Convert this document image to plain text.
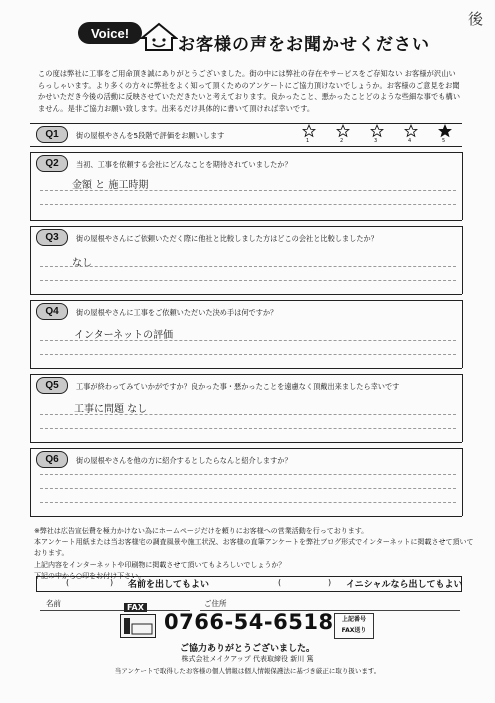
後
Voice!
お客様の声をお聞かせください
この度は弊社に工事をご用命頂き誠にありがとうございました。街の中には弊社の存在やサービスをご存知ない お客様が沢山いらっしゃいます。より多くの方々に弊社をよく知って頂くためのアンケートにご協力頂けないでしょうか。お客様のご意見をお聞かせいただき今後の活動に反映させていただきたいと考えております。良かったこと、悪かったことどのような些細な事でも構いません。是非ご協力お願い致します。出来るだけ具体的に書いて頂ければ幸いです。
Q1	街の屋根やさんを5段階で評価をお願いします
1	2	3	4	5
Q2	当初、工事を依頼する会社にどんなことを期待されていましたか？
金額 と 施工時期
Q3	街の屋根やさんにご依頼いただく際に他社と比較しました方はどこの会社と比較しましたか？
なし
Q4	街の屋根やさんに工事をご依頼いただいた決め手は何ですか？
インターネットの評価
Q5	工事が終わってみていかがですか？良かった事・悪かったことを遠慮なく頂戴出来ましたら幸いです
工事に問題 なし
Q6	街の屋根やさんを他の方に紹介するとしたらなんと紹介しますか？
※弊社は広告宣伝費を極力かけない為にホームページだけを頼りにお客様への営業活動を行っております。
本アンケート用紙または当お客様宅の調査風景や施工状況、お客様の直筆アンケートを弊社ブログ形式でインターネットに掲載させて頂いております。
上記内容をインターネットや印刷物に掲載させて頂いてもよろしいでしょうか？
下記の中から○印をお付け下さい。
(	) 名前を出してもよい	(	) イニシャルなら出してもよい
名前	ご住所
FAX
0766-54-6518	上記番号
FAX送り
ご協力ありがとうございました。
株式会社メイクアップ 代表取締役 新川 篤
当アンケートで取得したお客様の個人情報は個人情報保護法に基づき厳正に取り扱います。
